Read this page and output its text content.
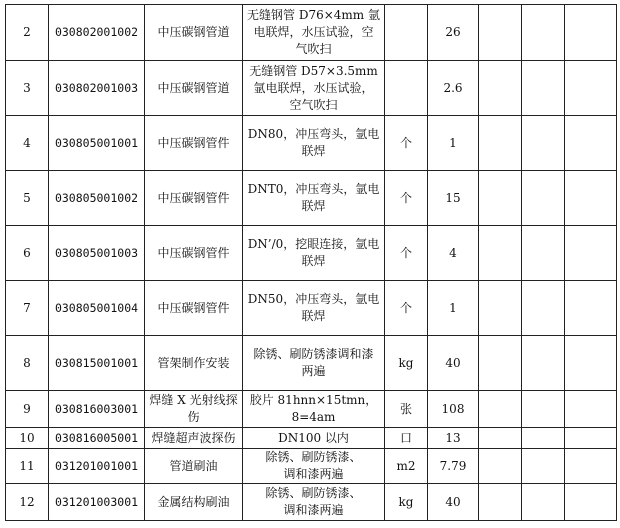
2	030802001002	中压碳钢管道	无缝钢管 D76×4mm 氩
电联焊，水压试验，空
气吹扫		26			
3	030802001003	中压碳钢管道	无缝钢管 D57×3.5mm
氩电联焊，水压试验，
空气吹扫		2.6			
4	030805001001	中压碳钢管件	DN80，冲压弯头，氩电
联焊	个	1			
5	030805001002	中压碳钢管件	DNT0，冲压弯头，氩电
联焊	个	15			
6	030805001003	中压碳钢管件	DN’/0，挖眼连接，氩电
联焊	个	4			
7	030805001004	中压碳钢管件	DN50，冲压弯头，氩电
联焊	个	1			
8	030815001001	管架制作安装	除锈、刷防锈漆调和漆
两遍	kg	40			
9	030816003001	焊缝 X 光射线探伤	胶片 81hnn×15tmn，8=4am	张	108			
10	030816005001	焊缝超声波探伤	DN100 以内	口	13			
11	031201001001	管道刷油	除锈、刷防锈漆、
调和漆两遍	m2	7.79			
12	031201003001	金属结构刷油	除锈、刷防锈漆、
调和漆两遍	kg	40			
